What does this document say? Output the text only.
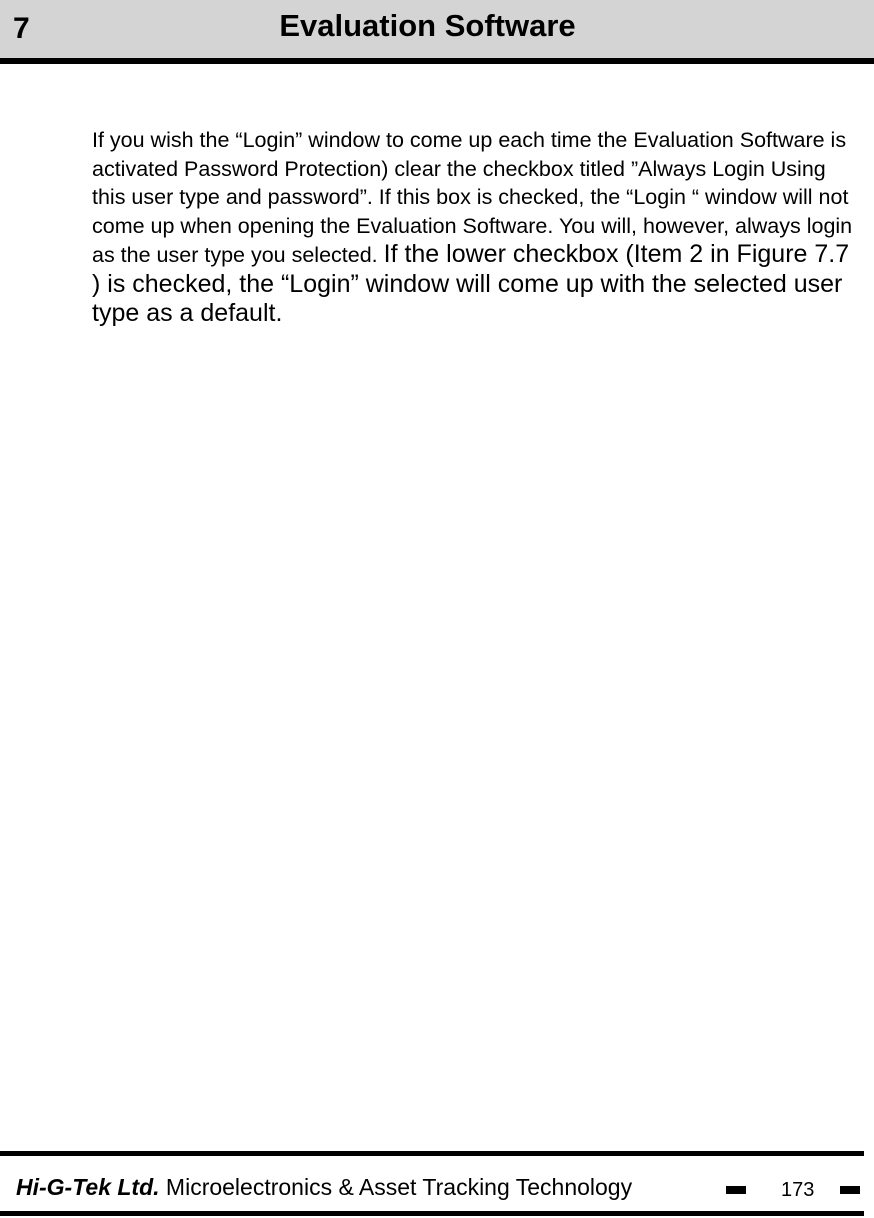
7	Evaluation Software
If you wish the “Login” window to come up each time the Evaluation Software is activated Password Protection) clear the checkbox titled ”Always Login Using this user type and password”. If this box is checked, the “Login “ window will not come up when opening the Evaluation Software. You will, however, always login as the user type you selected. If the lower checkbox (Item 2 in Figure 7.7 ) is checked, the “Login” window will come up with the selected user type as a default.
Hi-G-Tek Ltd. Microelectronics & Asset Tracking Technology	173
